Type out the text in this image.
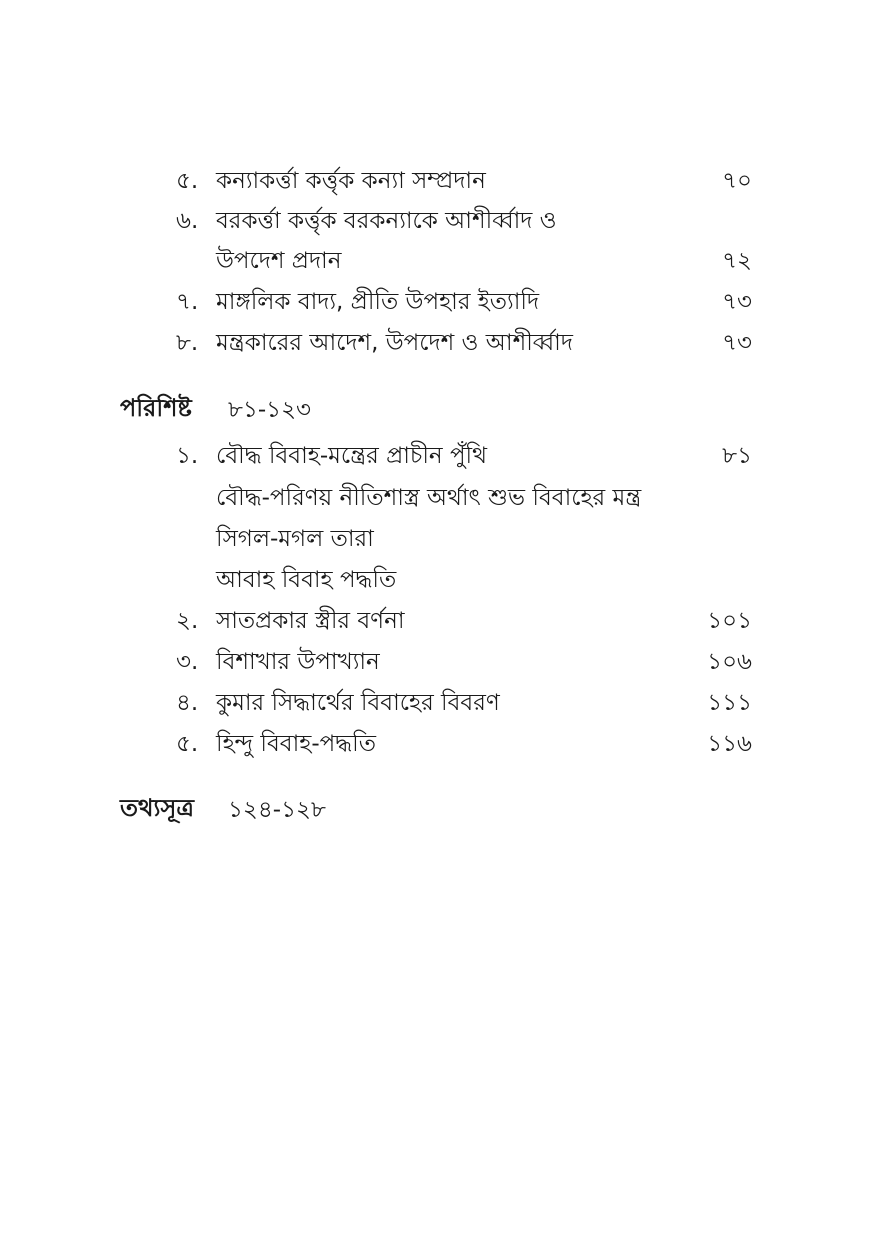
৫. কন্যাকর্ত্তা কর্ত্তৃক কন্যা সম্প্রদান	৭০
৬. বরকর্ত্তা কর্ত্তৃক বরকন্যাকে আশীর্ব্বাদ ও
উপদেশ প্রদান	৭২
৭. মাঙ্গলিক বাদ্য, প্রীতি উপহার ইত্যাদি	৭৩
৮. মন্ত্রকারের আদেশ, উপদেশ ও আশীর্ব্বাদ	৭৩
পরিশিষ্ট ৮১-১২৩
১. বৌদ্ধ বিবাহ-মন্ত্রের প্রাচীন পুঁথি	৮১
বৌদ্ধ-পরিণয় নীতিশাস্ত্র অর্থাৎ শুভ বিবাহের মন্ত্র
সিগল-মগল তারা
আবাহ বিবাহ পদ্ধতি
২. সাতপ্রকার স্ত্রীর বর্ণনা	১০১
৩. বিশাখার উপাখ্যান	১০৬
৪. কুমার সিদ্ধার্থের বিবাহের বিবরণ	১১১
৫. হিন্দু বিবাহ-পদ্ধতি	১১৬
তথ্যসূত্র ১২৪-১২৮
